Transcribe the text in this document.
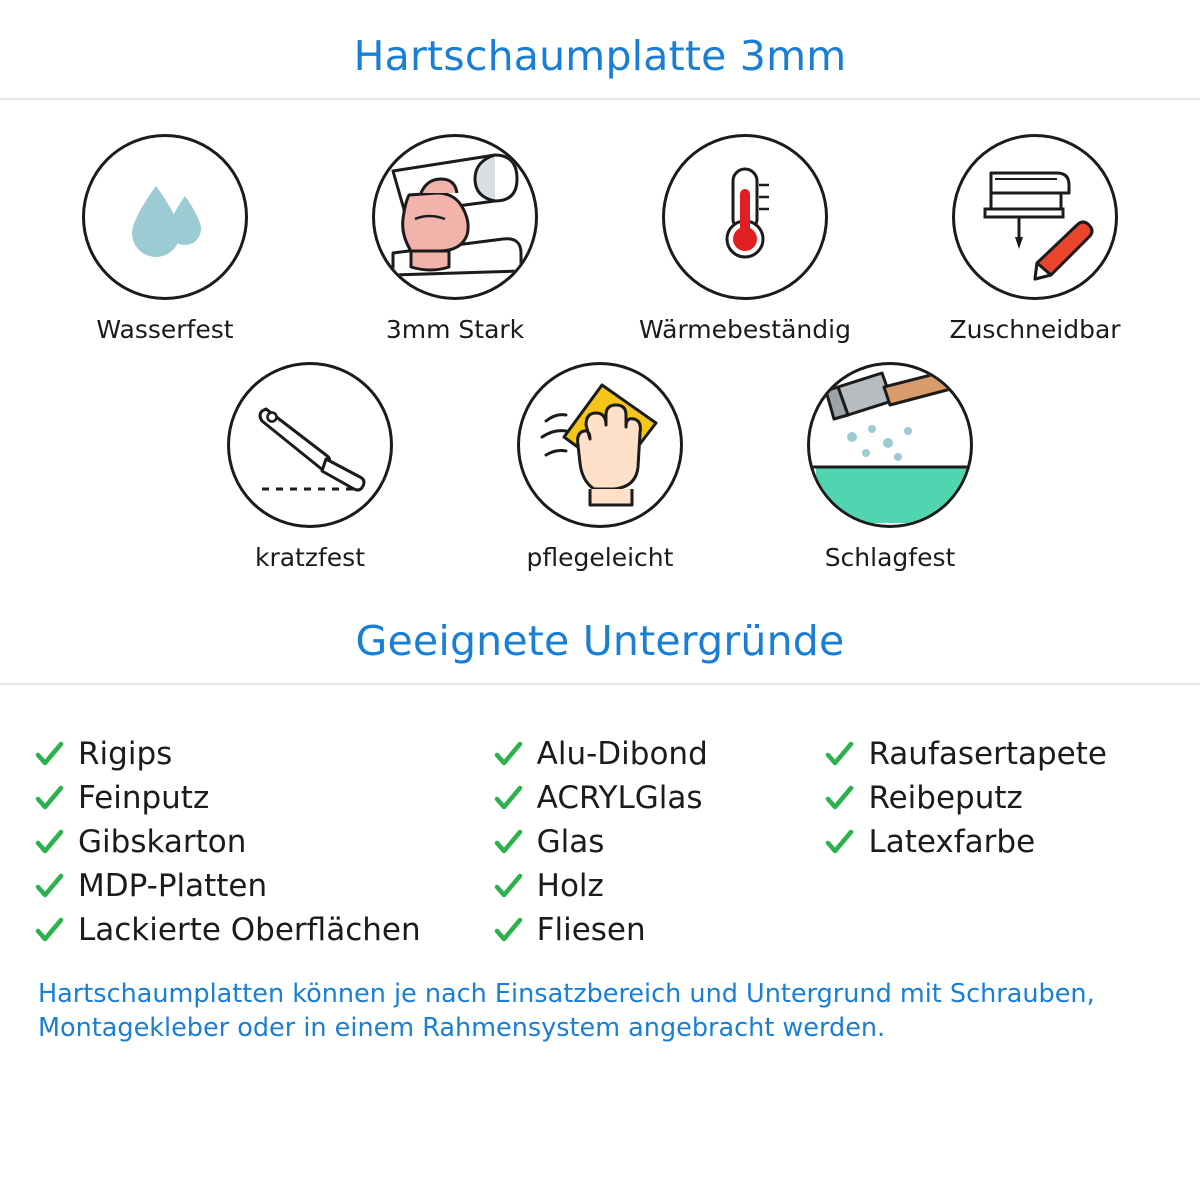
Hartschaumplatte 3mm
Wasserfest	3mm Stark	Wärmebeständig	Zuschneidbar
kratzfest	pflegeleicht	Schlagfest
Geeignete Untergründe
Rigips
Feinputz
Gibskarton
MDP-Platten
Lackierte Oberflächen
Alu-Dibond
ACRYLGlas
Glas
Holz
Fliesen
Raufasertapete
Reibeputz
Latexfarbe
Hartschaumplatten können je nach Einsatzbereich und Untergrund mit Schrauben, Montagekleber oder in einem Rahmensystem angebracht werden.
